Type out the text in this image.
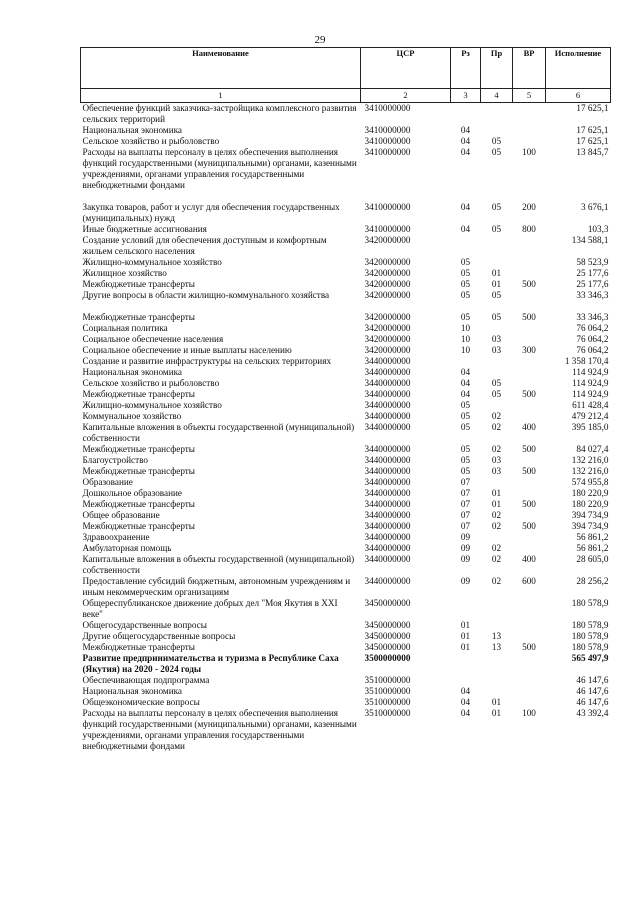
29
Наименование	ЦСР	Рз	Пр	ВР	Исполнение
1	2	3	4	5	6
Обеспечение функций заказчика-застройщика комплексного развития сельских территорий	3410000000				17 625,1
Национальная экономика	3410000000	04			17 625,1
Сельское хозяйство и рыболовство	3410000000	04	05		17 625,1
Расходы на выплаты персоналу в целях обеспечения выполнения функций государственными (муниципальными) органами, казенными учреждениями, органами управления государственными внебюджетными фондами	3410000000	04	05	100	13 845,7

Закупка товаров, работ и услуг для обеспечения государственных (муниципальных) нужд	3410000000	04	05	200	3 676,1
Иные бюджетные ассигнования	3410000000	04	05	800	103,3
Создание условий для обеспечения доступным и комфортным жильем сельского населения	3420000000				134 588,1
Жилищно-коммунальное хозяйство	3420000000	05			58 523,9
Жилищное хозяйство	3420000000	05	01		25 177,6
Межбюджетные трансферты	3420000000	05	01	500	25 177,6
Другие вопросы в области жилищно-коммунального хозяйства	3420000000	05	05		33 346,3

Межбюджетные трансферты	3420000000	05	05	500	33 346,3
Социальная политика	3420000000	10			76 064,2
Социальное обеспечение населения	3420000000	10	03		76 064,2
Социальное обеспечение и иные выплаты населению	3420000000	10	03	300	76 064,2
Создание и развитие инфраструктуры на сельских территориях	3440000000				1 358 170,4
Национальная экономика	3440000000	04			114 924,9
Сельское хозяйство и рыболовство	3440000000	04	05		114 924,9
Межбюджетные трансферты	3440000000	04	05	500	114 924,9
Жилищно-коммунальное хозяйство	3440000000	05			611 428,4
Коммунальное хозяйство	3440000000	05	02		479 212,4
Капитальные вложения в объекты государственной (муниципальной) собственности	3440000000	05	02	400	395 185,0
Межбюджетные трансферты	3440000000	05	02	500	84 027,4
Благоустройство	3440000000	05	03		132 216,0
Межбюджетные трансферты	3440000000	05	03	500	132 216,0
Образование	3440000000	07			574 955,8
Дошкольное образование	3440000000	07	01		180 220,9
Межбюджетные трансферты	3440000000	07	01	500	180 220,9
Общее образование	3440000000	07	02		394 734,9
Межбюджетные трансферты	3440000000	07	02	500	394 734,9
Здравоохранение	3440000000	09			56 861,2
Амбулаторная помощь	3440000000	09	02		56 861,2
Капитальные вложения в объекты государственной (муниципальной) собственности	3440000000	09	02	400	28 605,0
Предоставление субсидий бюджетным, автономным учреждениям и иным некоммерческим организациям	3440000000	09	02	600	28 256,2
Общереспубликанское движение добрых дел "Моя Якутия в XXI веке"	3450000000				180 578,9
Общегосударственные вопросы	3450000000	01			180 578,9
Другие общегосударственные вопросы	3450000000	01	13		180 578,9
Межбюджетные трансферты	3450000000	01	13	500	180 578,9
Развитие предпринимательства и туризма в Республике Саха (Якутия) на 2020 - 2024 годы	3500000000				565 497,9
Обеспечивающая подпрограмма	3510000000				46 147,6
Национальная экономика	3510000000	04			46 147,6
Общеэкономические вопросы	3510000000	04	01		46 147,6
Расходы на выплаты персоналу в целях обеспечения выполнения функций государственными (муниципальными) органами, казенными учреждениями, органами управления государственными внебюджетными фондами	3510000000	04	01	100	43 392,4
